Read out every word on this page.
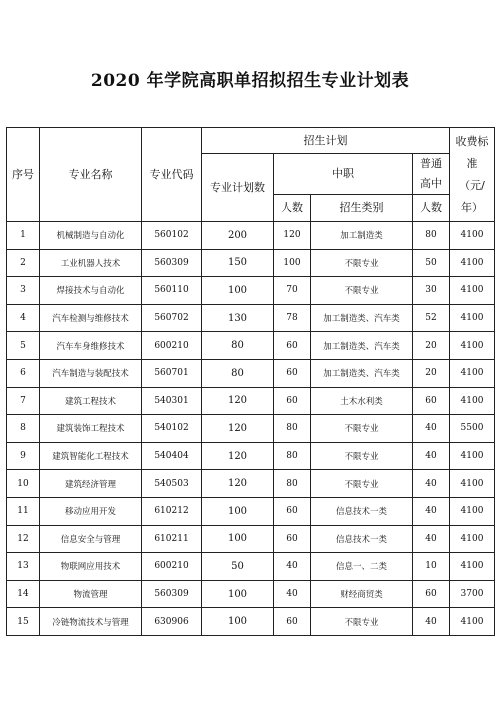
2020 年学院高职单招拟招生专业计划表
序号	专业名称	专业代码	招生计划				收费标准（元/年）
			专业计划数	中职		普通高中	
				人数	招生类别	人数	
1	机械制造与自动化	560102	200	120	加工制造类	80	4100
2	工业机器人技术	560309	150	100	不限专业	50	4100
3	焊接技术与自动化	560110	100	70	不限专业	30	4100
4	汽车检测与维修技术	560702	130	78	加工制造类、汽车类	52	4100
5	汽车车身维修技术	600210	80	60	加工制造类、汽车类	20	4100
6	汽车制造与装配技术	560701	80	60	加工制造类、汽车类	20	4100
7	建筑工程技术	540301	120	60	土木水利类	60	4100
8	建筑装饰工程技术	540102	120	80	不限专业	40	5500
9	建筑智能化工程技术	540404	120	80	不限专业	40	4100
10	建筑经济管理	540503	120	80	不限专业	40	4100
11	移动应用开发	610212	100	60	信息技术一类	40	4100
12	信息安全与管理	610211	100	60	信息技术一类	40	4100
13	物联网应用技术	600210	50	40	信息一、二类	10	4100
14	物流管理	560309	100	40	财经商贸类	60	3700
15	冷链物流技术与管理	630906	100	60	不限专业	40	4100
